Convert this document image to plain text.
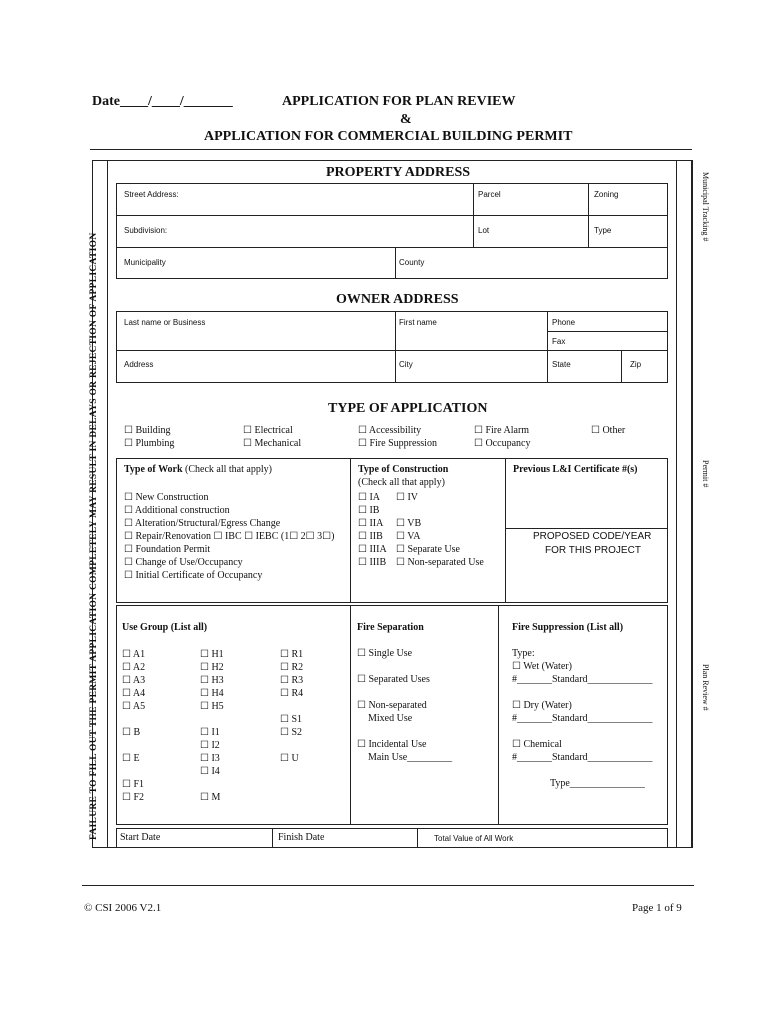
Date____/____/_______	APPLICATION FOR PLAN REVIEW
&
APPLICATION FOR COMMERCIAL BUILDING PERMIT
FAILURE TO FILL OUT THE PERMIT APPLICATION COMPLETELY MAY RESULT IN DELAYS OR REJECTION OF APPLICATION
Municipal Tracking #
Permit #
Plan Review #
PROPERTY ADDRESS
Street Address:	Parcel	Zoning
Subdivision:	Lot	Type
Municipality	County
OWNER ADDRESS
Last name or Business	First name	Phone
Fax
Address	City	State	Zip
TYPE OF APPLICATION
☐ Building
☐ Plumbing
☐ Electrical
☐ Mechanical
☐ Accessibility
☐ Fire Suppression
☐ Fire Alarm
☐ Occupancy
☐ Other
Type of Work (Check all that apply)
☐ New Construction
☐ Additional construction
☐ Alteration/Structural/Egress Change
☐ Repair/Renovation ☐ IBC ☐ IEBC (1☐ 2☐ 3☐)
☐ Foundation Permit
☐ Change of Use/Occupancy
☐ Initial Certificate of Occupancy
Type of Construction
(Check all that apply)
☐ IA
☐ IB
☐ IIA
☐ IIB
☐ IIIA
☐ IIIB
☐ IV
☐ VB
☐ VA
☐ Separate Use
☐ Non-separated Use
Previous L&I Certificate #(s)
PROPOSED CODE/YEAR
FOR THIS PROJECT
Use Group (List all)
☐ A1
☐ A2
☐ A3
☐ A4
☐ A5
☐ B
☐ E
☐ F1
☐ F2
☐ H1
☐ H2
☐ H3
☐ H4
☐ H5
☐ I1
☐ I2
☐ I3
☐ I4
☐ M
☐ R1
☐ R2
☐ R3
☐ R4
☐ S1
☐ S2
☐ U
Fire Separation
☐ Single Use
☐ Separated Uses
☐ Non-separated
Mixed Use
☐ Incidental Use
Main Use_________
Fire Suppression (List all)
Type:
☐ Wet (Water)
#_______Standard_____________
☐ Dry (Water)
#_______Standard_____________
☐ Chemical
#_______Standard_____________
Type_______________
Start Date	Finish Date	Total Value of All Work
© CSI 2006 V2.1	Page 1 of 9
